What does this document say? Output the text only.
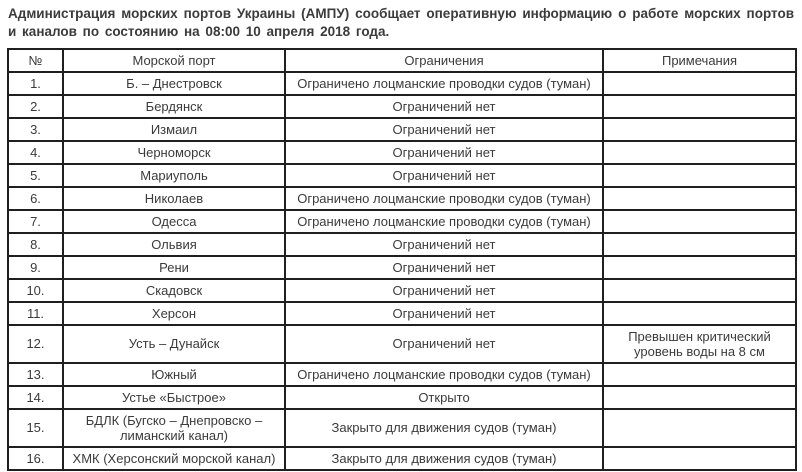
Администрация морских портов Украины (АМПУ) сообщает оперативную информацию о работе морских портов и каналов по состоянию на 08:00 10 апреля 2018 года.

№	Морской порт	Ограничения	Примечания
1.	Б. – Днестровск	Ограничено лоцманские проводки судов (туман)	
2.	Бердянск	Ограничений нет	
3.	Измаил	Ограничений нет	
4.	Черноморск	Ограничений нет	
5.	Мариуполь	Ограничений нет	
6.	Николаев	Ограничено лоцманские проводки судов (туман)	
7.	Одесса	Ограничено лоцманские проводки судов (туман)	
8.	Ольвия	Ограничений нет	
9.	Рени	Ограничений нет	
10.	Скадовск	Ограничений нет	
11.	Херсон	Ограничений нет	
12.	Усть – Дунайск	Ограничений нет	Превышен критический уровень воды на 8 см
13.	Южный	Ограничено лоцманские проводки судов (туман)	
14.	Устье «Быстрое»	Открыто	
15.	БДЛК (Бугско – Днепровско – лиманский канал)	Закрыто для движения судов (туман)	
16.	ХМК (Херсонский морской канал)	Закрыто для движения судов (туман)	
